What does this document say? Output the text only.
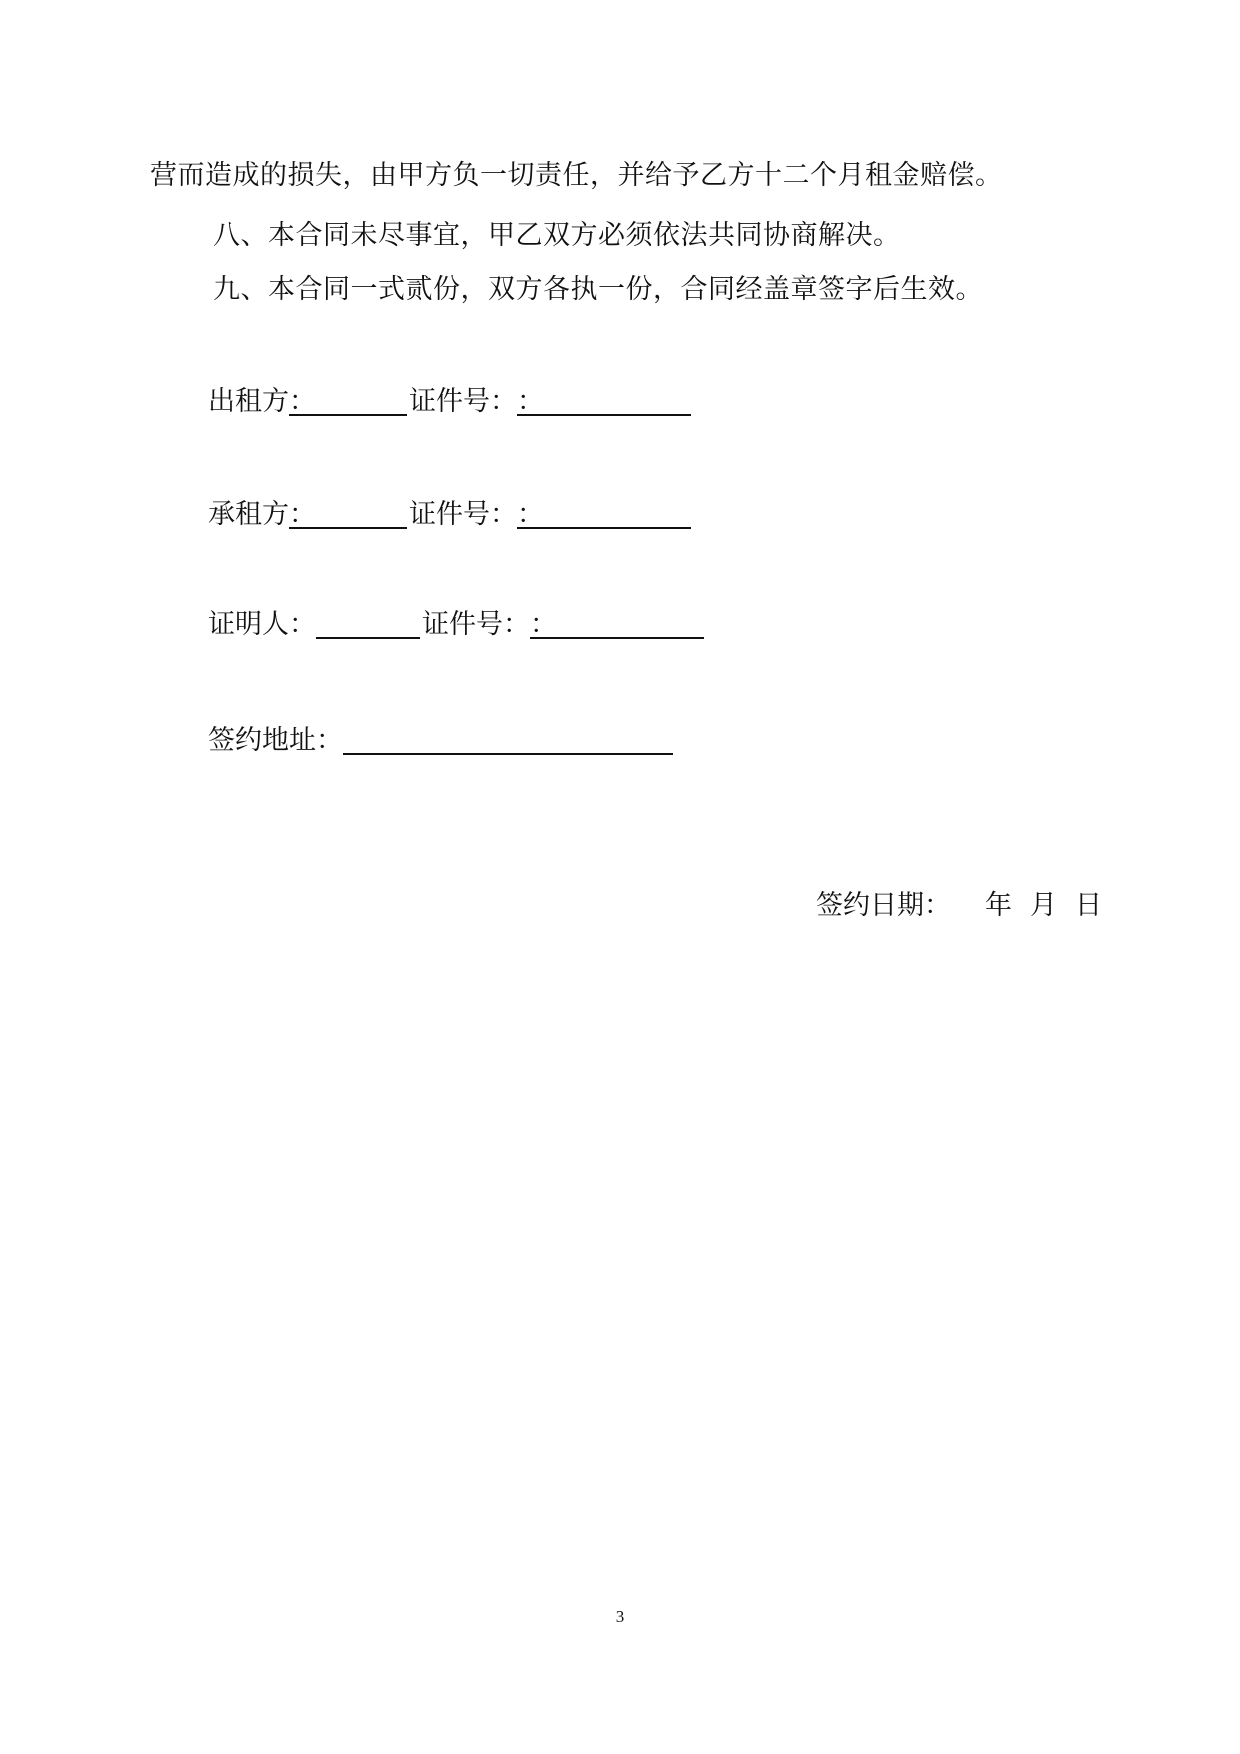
营而造成的损失，由甲方负一切责任，并给予乙方十二个月租金赔偿。
八、本合同未尽事宜，甲乙双方必须依法共同协商解决。
九、本合同一式贰份，双方各执一份，合同经盖章签字后生效。
出租方 ：	证件号： ：
承租方 ：	证件号： ：
证明人：	证件号： ：
签约地址：
签约日期： 年 月 日
3
